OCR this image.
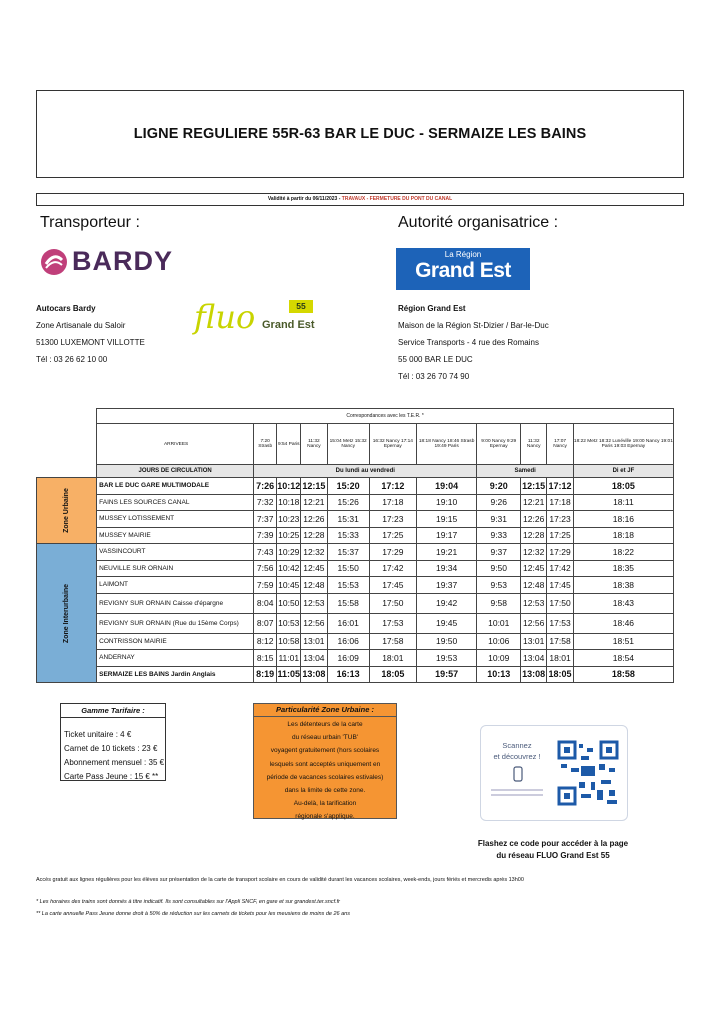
LIGNE REGULIERE 55R-63 BAR LE DUC - SERMAIZE LES BAINS
Validité à partir du 06/11/2023 - TRAVAUX - FERMETURE DU PONT DU CANAL
Transporteur :
BARDY
Autocars Bardy
Zone Artisanale du Saloir
51300 LUXEMONT VILLOTTE
Tél : 03 26 62 10 00
fluo Grand Est
55
Autorité organisatrice :
La Région
Grand Est
Région Grand Est
Maison de la Région St-Dizier / Bar-le-Duc
Service Transports - 4 rue des Romains
55 000 BAR LE DUC
Tél : 03 26 70 74 90
	Correspondances avec les T.E.R. *										
	ARRIVEES	7:20 Strasb	9:54 Paris	11:32 Nancy	15:04 Metz 15:32 Nancy	16:32 Nancy 17:14 Epernay	18:18 Nancy 18:46 Strasb 19:49 Paris	9:00 Nancy 9:29 Epernay	11:32 Nancy	17:07 Nancy	18:22 Metz 18:32 Lunéville 19:00 Nancy 19:01 Paris 19:03 Epernay
	JOURS DE CIRCULATION	Du lundi au vendredi						Samedi			Di et JF

Zone Urbaine	BAR LE DUC GARE MULTIMODALE	7:26	10:12	12:15	15:20	17:12	19:04	9:20	12:15	17:12	18:05
	FAINS LES SOURCES CANAL	7:32	10:18	12:21	15:26	17:18	19:10	9:26	12:21	17:18	18:11
	MUSSEY LOTISSEMENT	7:37	10:23	12:26	15:31	17:23	19:15	9:31	12:26	17:23	18:16
	MUSSEY MAIRIE	7:39	10:25	12:28	15:33	17:25	19:17	9:33	12:28	17:25	18:18

Zone Interurbaine	VASSINCOURT	7:43	10:29	12:32	15:37	17:29	19:21	9:37	12:32	17:29	18:22
	NEUVILLE SUR ORNAIN	7:56	10:42	12:45	15:50	17:42	19:34	9:50	12:45	17:42	18:35
	LAIMONT	7:59	10:45	12:48	15:53	17:45	19:37	9:53	12:48	17:45	18:38
	REVIGNY SUR ORNAIN Caisse d'épargne	8:04	10:50	12:53	15:58	17:50	19:42	9:58	12:53	17:50	18:43
	REVIGNY SUR ORNAIN (Rue du 15ème Corps)	8:07	10:53	12:56	16:01	17:53	19:45	10:01	12:56	17:53	18:46
	CONTRISSON MAIRIE	8:12	10:58	13:01	16:06	17:58	19:50	10:06	13:01	17:58	18:51
	ANDERNAY	8:15	11:01	13:04	16:09	18:01	19:53	10:09	13:04	18:01	18:54
	SERMAIZE LES BAINS Jardin Anglais	8:19	11:05	13:08	16:13	18:05	19:57	10:13	13:08	18:05	18:58
Gamme Tarifaire :
Ticket unitaire : 4 €
Carnet de 10 tickets : 23 €
Abonnement mensuel : 35 €
Carte Pass Jeune : 15 € **
Particularité Zone Urbaine :
Les détenteurs de la carte
du réseau urbain 'TUB'
voyagent gratuitement (hors scolaires
lesquels sont acceptés uniquement en
période de vacances scolaires estivales)
dans la limite de cette zone.
Au-delà, la tarification
régionale s'applique.
Scannez
et découvrez !
Flashez ce code pour accéder à la page
du réseau FLUO Grand Est 55
Accès gratuit aux lignes régulières pour les élèves sur présentation de la carte de transport scolaire en cours de validité durant les vacances scolaires, week-ends, jours fériés et mercredis après 13h00
* Les horaires des trains sont donnés à titre indicatif. Ils sont consultables sur l'Appli SNCF, en gare et sur grandest.ter.sncf.fr
** La carte annuelle Pass Jeune donne droit à 50% de réduction sur les carnets de tickets pour les meusiens de moins de 26 ans
